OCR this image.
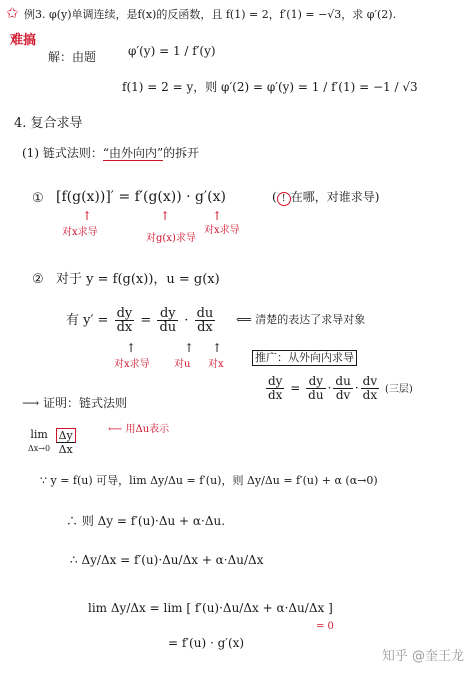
✩ 例3. φ(y)单调连续，是f(x)的反函数，且 f(1) = 2，f′(1) = −√3，求 φ′(2).
难搞
解：由题	φ′(y) = 1 / f′(y)
f(1) = 2 = y，则 φ′(2) = φ′(y) = 1 / f′(1) = −1 / √3
4. 复合求导
(1) 链式法则：“由外向内”的拆开
① [f(g(x))]′ = f′(g(x)) · g′(x)	( ! 在哪，对谁求导)
↑	↑	↑
对x求导
对g(x)求导
对x求导
② 对于 y = f(g(x))，u = g(x)
有 $y' = \frac{dy}{dx} = \frac{dy}{du} \cdot \frac{du}{dx}$ ⟸ 清楚的表达了求导对象
↑	↑ ↑
对x求导 对u 对x
推广：从外向内求导
$\frac{dy}{dx} = \frac{dy}{du} \cdot \frac{du}{dv} \cdot \frac{dv}{dx}$ (三层)
⟶ 证明：链式法则
lim
Δx→0
$\frac{\Delta y}{\Delta x}$	⟵ 用Δu表示
∵ y = f(u) 可导，lim Δy/Δu = f′(u)，则 Δy/Δu = f′(u) + α (α→0)
∴ 则 Δy = f′(u)·Δu + α·Δu.
∴ Δy/Δx = f′(u)·Δu/Δx + α·Δu/Δx
lim Δy/Δx = lim [ f′(u)·Δu/Δx + α·Δu/Δx ]
= 0
= f′(u) · g′(x)
知乎 @奎王龙
